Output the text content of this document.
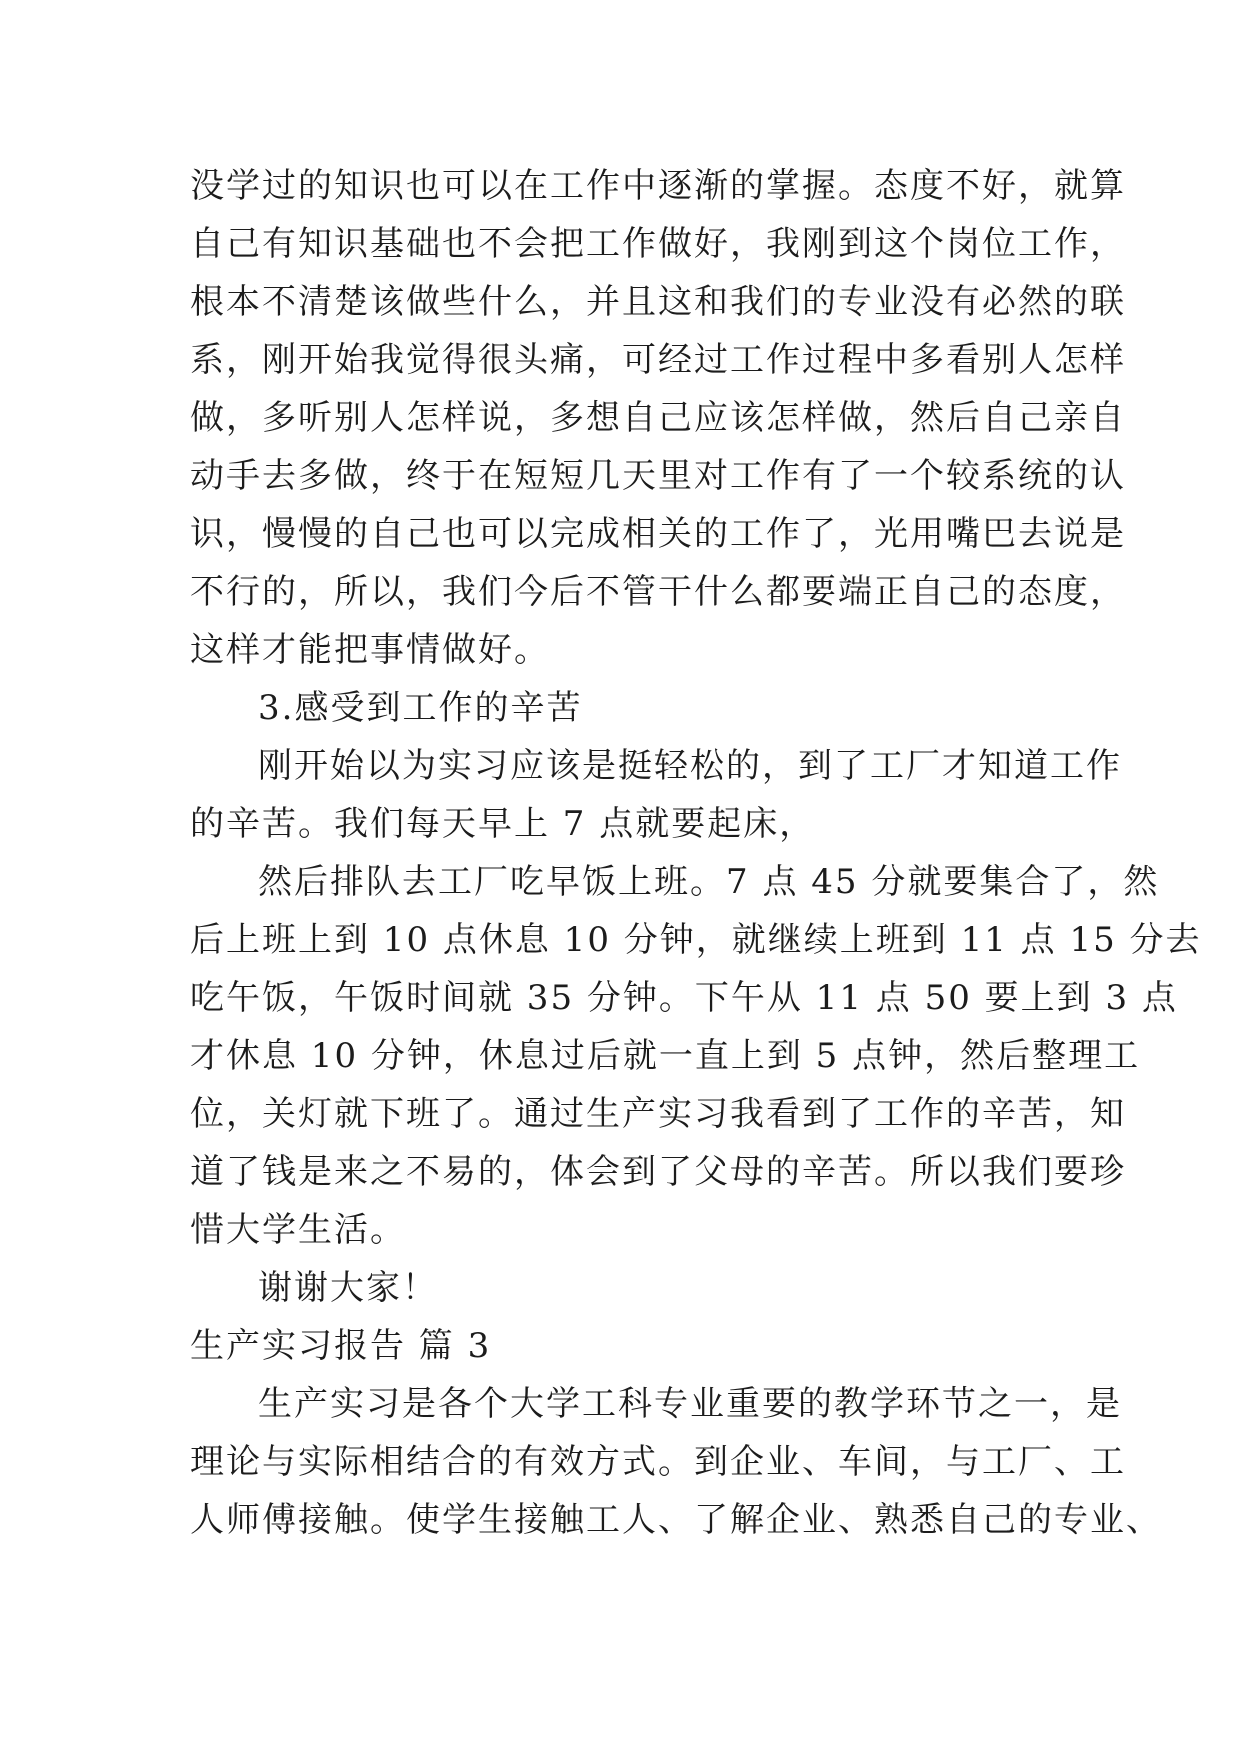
没学过的知识也可以在工作中逐渐的掌握。态度不好，就算

自己有知识基础也不会把工作做好，我刚到这个岗位工作，

根本不清楚该做些什么，并且这和我们的专业没有必然的联

系，刚开始我觉得很头痛，可经过工作过程中多看别人怎样

做，多听别人怎样说，多想自己应该怎样做，然后自己亲自

动手去多做，终于在短短几天里对工作有了一个较系统的认

识，慢慢的自己也可以完成相关的工作了，光用嘴巴去说是

不行的，所以，我们今后不管干什么都要端正自己的态度，

这样才能把事情做好。

3.感受到工作的辛苦

刚开始以为实习应该是挺轻松的，到了工厂才知道工作

的辛苦。我们每天早上 7 点就要起床，

然后排队去工厂吃早饭上班。7 点 45 分就要集合了，然

后上班上到 10 点休息 10 分钟，就继续上班到 11 点 15 分去

吃午饭，午饭时间就 35 分钟。下午从 11 点 50 要上到 3 点

才休息 10 分钟，休息过后就一直上到 5 点钟，然后整理工

位，关灯就下班了。通过生产实习我看到了工作的辛苦，知

道了钱是来之不易的，体会到了父母的辛苦。所以我们要珍

惜大学生活。

谢谢大家！

生产实习报告 篇 3

生产实习是各个大学工科专业重要的教学环节之一，是

理论与实际相结合的有效方式。到企业、车间，与工厂、工

人师傅接触。使学生接触工人、了解企业、熟悉自己的专业、
